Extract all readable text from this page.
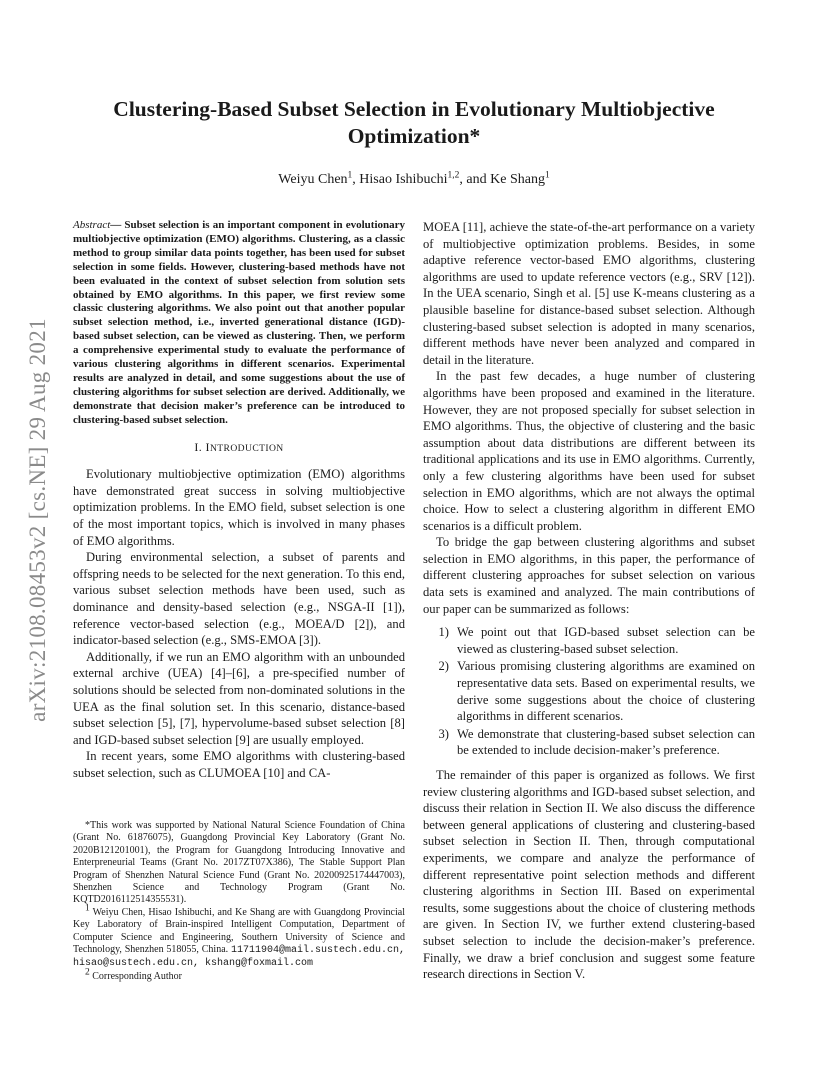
arXiv:2108.08453v2 [cs.NE] 29 Aug 2021
Clustering-Based Subset Selection in Evolutionary Multiobjective Optimization*
Weiyu Chen$^1$, Hisao Ishibuchi$^{1,2}$, and Ke Shang$^1$
Abstract— Subset selection is an important component in evolutionary multiobjective optimization (EMO) algorithms. Clustering, as a classic method to group similar data points together, has been used for subset selection in some fields. However, clustering-based methods have not been evaluated in the context of subset selection from solution sets obtained by EMO algorithms. In this paper, we first review some classic clustering algorithms. We also point out that another popular subset selection method, i.e., inverted generational distance (IGD)-based subset selection, can be viewed as clustering. Then, we perform a comprehensive experimental study to evaluate the performance of various clustering algorithms in different scenarios. Experimental results are analyzed in detail, and some suggestions about the use of clustering algorithms for subset selection are derived. Additionally, we demonstrate that decision maker’s preference can be introduced to clustering-based subset selection.
I. INTRODUCTION

Evolutionary multiobjective optimization (EMO) algorithms have demonstrated great success in solving multiobjective optimization problems. In the EMO field, subset selection is one of the most important topics, which is involved in many phases of EMO algorithms.

During environmental selection, a subset of parents and offspring needs to be selected for the next generation. To this end, various subset selection methods have been used, such as dominance and density-based selection (e.g., NSGA-II [1]), reference vector-based selection (e.g., MOEA/D [2]), and indicator-based selection (e.g., SMS-EMOA [3]).

Additionally, if we run an EMO algorithm with an unbounded external archive (UEA) [4]–[6], a pre-specified number of solutions should be selected from non-dominated solutions in the UEA as the final solution set. In this scenario, distance-based subset selection [5], [7], hypervolume-based subset selection [8] and IGD-based subset selection [9] are usually employed.

In recent years, some EMO algorithms with clustering-based subset selection, such as CLUMOEA [10] and CA-

*This work was supported by National Natural Science Foundation of China (Grant No. 61876075), Guangdong Provincial Key Laboratory (Grant No. 2020B121201001), the Program for Guangdong Introducing Innovative and Enterpreneurial Teams (Grant No. 2017ZT07X386), The Stable Support Plan Program of Shenzhen Natural Science Fund (Grant No. 20200925174447003), Shenzhen Science and Technology Program (Grant No. KQTD2016112514355531).

$^1$ Weiyu Chen, Hisao Ishibuchi, and Ke Shang are with Guangdong Provincial Key Laboratory of Brain-inspired Intelligent Computation, Department of Computer Science and Engineering, Southern University of Science and Technology, Shenzhen 518055, China. 11711904@mail.sustech.edu.cn, hisao@sustech.edu.cn, kshang@foxmail.com

$^2$ Corresponding Author

MOEA [11], achieve the state-of-the-art performance on a variety of multiobjective optimization problems. Besides, in some adaptive reference vector-based EMO algorithms, clustering algorithms are used to update reference vectors (e.g., SRV [12]). In the UEA scenario, Singh et al. [5] use K-means clustering as a plausible baseline for distance-based subset selection. Although clustering-based subset selection is adopted in many scenarios, different methods have never been analyzed and compared in detail in the literature.

In the past few decades, a huge number of clustering algorithms have been proposed and examined in the literature. However, they are not proposed specially for subset selection in EMO algorithms. Thus, the objective of clustering and the basic assumption about data distributions are different between its traditional applications and its use in EMO algorithms. Currently, only a few clustering algorithms have been used for subset selection in EMO algorithms, which are not always the optimal choice. How to select a clustering algorithm in different EMO scenarios is a difficult problem.

To bridge the gap between clustering algorithms and subset selection in EMO algorithms, in this paper, the performance of different clustering approaches for subset selection on various data sets is examined and analyzed. The main contributions of our paper can be summarized as follows:

1) We point out that IGD-based subset selection can be viewed as clustering-based subset selection.
2) Various promising clustering algorithms are examined on representative data sets. Based on experimental results, we derive some suggestions about the choice of clustering algorithms in different scenarios.
3) We demonstrate that clustering-based subset selection can be extended to include decision-maker’s preference.

The remainder of this paper is organized as follows. We first review clustering algorithms and IGD-based subset selection, and discuss their relation in Section II. We also discuss the difference between general applications of clustering and clustering-based subset selection in Section II. Then, through computational experiments, we compare and analyze the performance of different representative point selection methods and different clustering algorithms in Section III. Based on experimental results, some suggestions about the choice of clustering methods are given. In Section IV, we further extend clustering-based subset selection to include the decision-maker’s preference. Finally, we draw a brief conclusion and suggest some feature research directions in Section V.
